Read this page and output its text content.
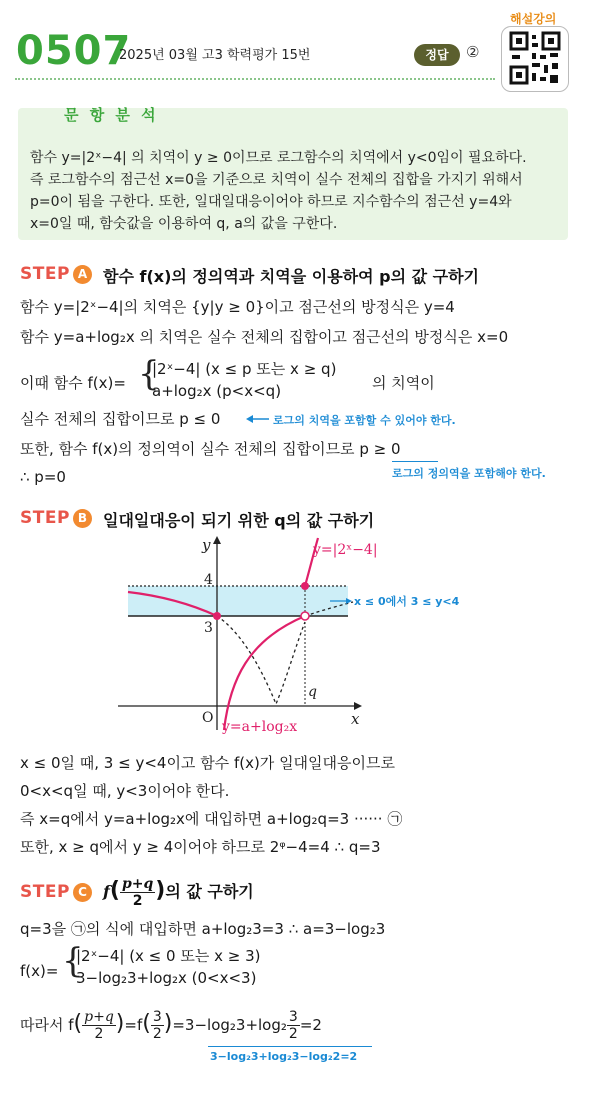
0507
2025년 03월 고3 학력평가 15번	정답	②
해설강의
문 항 분 석
함수 y=|2ˣ−4| 의 치역이 y ≥ 0이므로 로그함수의 치역에서 y<0임이 필요하다.
즉 로그함수의 점근선 x=0을 기준으로 치역이 실수 전체의 집합을 가지기 위해서
p=0이 됨을 구한다. 또한, 일대일대응이어야 하므로 지수함수의 점근선 y=4와
x=0일 때, 함숫값을 이용하여 q, a의 값을 구한다.
STEP A 함수 f(x)의 정의역과 치역을 이용하여 p의 값 구하기
함수 y=|2ˣ−4|의 치역은 {y|y ≥ 0}이고 점근선의 방정식은 y=4
함수 y=a+log₂x 의 치역은 실수 전체의 집합이고 점근선의 방정식은 x=0
이때 함수 f(x)= {
|2ˣ−4| (x ≤ p 또는 x ≥ q)
a+log₂x (p<x<q)	의 치역이
실수 전체의 집합이므로 p ≤ 0	로그의 치역을 포함할 수 있어야 한다.
또한, 함수 f(x)의 정의역이 실수 전체의 집합이므로 p ≥ 0
로그의 정의역을 포함해야 한다.
∴ p=0
STEP B 일대일대응이 되기 위한 q의 값 구하기
y
x
O
4
3
q
y=|2ˣ−4|
y=a+log₂x
x ≤ 0에서 3 ≤ y<4
x ≤ 0일 때, 3 ≤ y<4이고 함수 f(x)가 일대일대응이므로
0<x<q일 때, y<3이어야 한다.
즉 x=q에서 y=a+log₂x에 대입하면 a+log₂q=3 ······ ㉠
또한, x ≥ q에서 y ≥ 4이어야 하므로 2ᵠ−4=4 ∴ q=3
STEP C	$f( \frac{p+q}{2}$ )의 값 구하기
q=3을 ㉠의 식에 대입하면 a+log₂3=3 ∴ a=3−log₂3
f(x)= {
|2ˣ−4| (x ≤ 0 또는 x ≥ 3)
3−log₂3+log₂x (0<x<3)
따라서 $f( \frac{p+q}{2} )=f( \frac{3}{2} )=3-\log_23+\log_2 \frac{3}{2} =2$
3−log₂3+log₂3−log₂2=2
